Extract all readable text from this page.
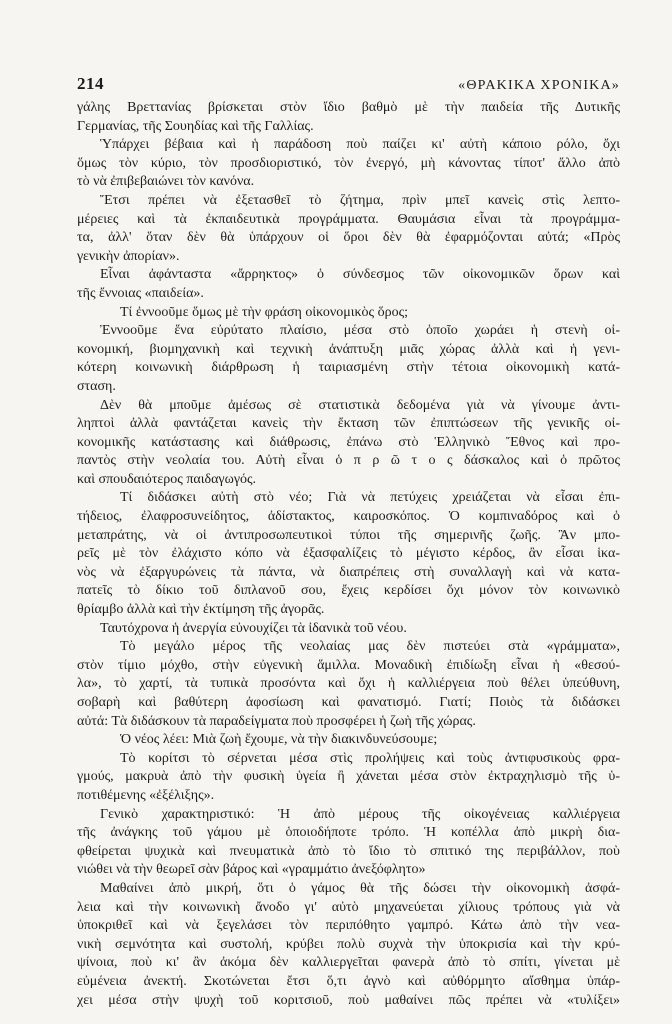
214	«ΘΡΑΚΙΚΑ ΧΡΟΝΙΚΑ»
γάλης Βρεττανίας βρίσκεται στὸν ἴδιο βαθμὸ μὲ τὴν παιδεία τῆς Δυτικῆς
Γερμανίας, τῆς Σουηδίας καὶ τῆς Γαλλίας.
Ὑπάρχει βέβαια καὶ ἡ παράδοση ποὺ παίζει κι' αὐτὴ κάποιο ρόλο, ὄχι
ὅμως τὸν κύριο, τὸν προσδιοριστικό, τὸν ἐνεργό, μὴ κάνοντας τίποτ' ἄλλο ἀπὸ
τὸ νὰ ἐπιβεβαιώνει τὸν κανόνα.
Ἔτσι πρέπει νὰ ἐξετασθεῖ τὸ ζήτημα, πρὶν μπεῖ κανεὶς στὶς λεπτο-
μέρειες καὶ τὰ ἐκπαιδευτικὰ προγράμματα. Θαυμάσια εἶναι τὰ προγράμμα-
τα, ἀλλ' ὅταν δὲν θὰ ὑπάρχουν οἱ ὅροι δὲν θὰ ἐφαρμόζονται αὐτά; «Πρὸς
γενικὴν ἀπορίαν».
Εἶναι ἀφάνταστα «ἄρρηκτος» ὁ σύνδεσμος τῶν οἰκονομικῶν ὅρων καὶ
τῆς ἔννοιας «παιδεία».
Τί ἐννοοῦμε ὅμως μὲ τὴν φράση οἰκονομικὸς ὅρος;
Ἐννοοῦμε ἕνα εὐρύτατο πλαίσιο, μέσα στὸ ὁποῖο χωράει ἡ στενὴ οἰ-
κονομική, βιομηχανικὴ καὶ τεχνικὴ ἀνάπτυξη μιᾶς χώρας ἀλλὰ καὶ ἡ γενι-
κότερη κοινωνικὴ διάρθρωση ἡ ταιριασμένη στὴν τέτοια οἰκονομικὴ κατά-
σταση.
Δὲν θὰ μποῦμε ἀμέσως σὲ στατιστικὰ δεδομένα γιὰ νὰ γίνουμε ἀντι-
ληπτοὶ ἀλλὰ φαντάζεται κανεὶς τὴν ἔκταση τῶν ἐπιπτώσεων τῆς γενικῆς οἰ-
κονομικῆς κατάστασης καὶ διάθρωσις, ἐπάνω στὸ Ἑλληνικὸ Ἔθνος καὶ προ-
παντὸς στὴν νεολαία του. Αὐτὴ εἶναι ὁ π ρ ῶ τ ο ς δάσκαλος καὶ ὁ πρῶτος
καὶ σπουδαιότερος παιδαγωγός.
Τί διδάσκει αὐτὴ στὸ νέο; Γιὰ νὰ πετύχεις χρειάζεται νὰ εἶσαι ἐπι-
τήδειος, ἐλαφροσυνείδητος, ἀδίστακτος, καιροσκόπος. Ὁ κομπιναδόρος καὶ ὁ
μεταπράτης, νὰ οἱ ἀντιπροσωπευτικοὶ τύποι τῆς σημερινῆς ζωῆς. Ἂν μπο-
ρεῖς μὲ τὸν ἐλάχιστο κόπο νὰ ἐξασφαλίζεις τὸ μέγιστο κέρδος, ἂν εἶσαι ἱκα-
νὸς νὰ ἐξαργυρώνεις τὰ πάντα, νὰ διαπρέπεις στὴ συναλλαγὴ καὶ νὰ κατα-
πατεῖς τὸ δίκιο τοῦ διπλανοῦ σου, ἔχεις κερδίσει ὄχι μόνον τὸν κοινωνικὸ
θρίαμβο ἀλλὰ καὶ τὴν ἐκτίμηση τῆς ἀγορᾶς.
Ταυτόχρονα ἡ ἀνεργία εὐνουχίζει τὰ ἰδανικὰ τοῦ νέου.
Τὸ μεγάλο μέρος τῆς νεολαίας μας δὲν πιστεύει στὰ «γράμματα»,
στὸν τίμιο μόχθο, στὴν εὐγενικὴ ἅμιλλα. Μοναδικὴ ἐπιδίωξη εἶναι ἡ «θεσού-
λα», τὸ χαρτί, τὰ τυπικὰ προσόντα καὶ ὄχι ἡ καλλιέργεια ποὺ θέλει ὑπεύθυνη,
σοβαρὴ καὶ βαθύτερη ἀφοσίωση καὶ φανατισμό. Γιατί; Ποιὸς τὰ διδάσκει
αὐτά: Τὰ διδάσκουν τὰ παραδείγματα ποὺ προσφέρει ἡ ζωὴ τῆς χώρας.
Ὁ νέος λέει: Μιὰ ζωὴ ἔχουμε, νὰ τὴν διακινδυνεύσουμε;
Τὸ κορίτσι τὸ σέρνεται μέσα στὶς προλήψεις καὶ τοὺς ἀντιφυσικοὺς φρα-
γμούς, μακρυὰ ἀπὸ τὴν φυσικὴ ὑγεία ἢ χάνεται μέσα στὸν ἐκτραχηλισμὸ τῆς ὑ-
ποτιθέμενης «ἐξέλιξης».
Γενικὸ χαρακτηριστικό: Ἡ ἀπὸ μέρους τῆς οἰκογένειας καλλιέργεια
τῆς ἀνάγκης τοῦ γάμου μὲ ὁποιοδήποτε τρόπο. Ἡ κοπέλλα ἀπὸ μικρὴ δια-
φθείρεται ψυχικὰ καὶ πνευματικὰ ἀπὸ τὸ ἴδιο τὸ σπιτικό της περιβάλλον, ποὺ
νιώθει νὰ τὴν θεωρεῖ σὰν βάρος καὶ «γραμμάτιο ἀνεξόφλητο»
Μαθαίνει ἀπὸ μικρή, ὅτι ὁ γάμος θὰ τῆς δώσει τὴν οἰκονομικὴ ἀσφά-
λεια καὶ τὴν κοινωνικὴ ἄνοδο γι' αὐτὸ μηχανεύεται χίλιους τρόπους γιὰ νὰ
ὑποκριθεῖ καὶ νὰ ξεγελάσει τὸν περιπόθητο γαμπρό. Κάτω ἀπὸ τὴν νεα-
νικὴ σεμνότητα καὶ συστολή, κρύβει πολὺ συχνὰ τὴν ὑποκρισία καὶ τὴν κρύ-
ψίνοια, ποὺ κι' ἂν ἀκόμα δὲν καλλιεργεῖται φανερὰ ἀπὸ τὸ σπίτι, γίνεται μὲ
εὐμένεια ἀνεκτή. Σκοτώνεται ἔτσι ὅ,τι ἁγνὸ καὶ αὐθόρμητο αἴσθημα ὑπάρ-
χει μέσα στὴν ψυχὴ τοῦ κοριτσιοῦ, ποὺ μαθαίνει πῶς πρέπει νὰ «τυλίξει»
